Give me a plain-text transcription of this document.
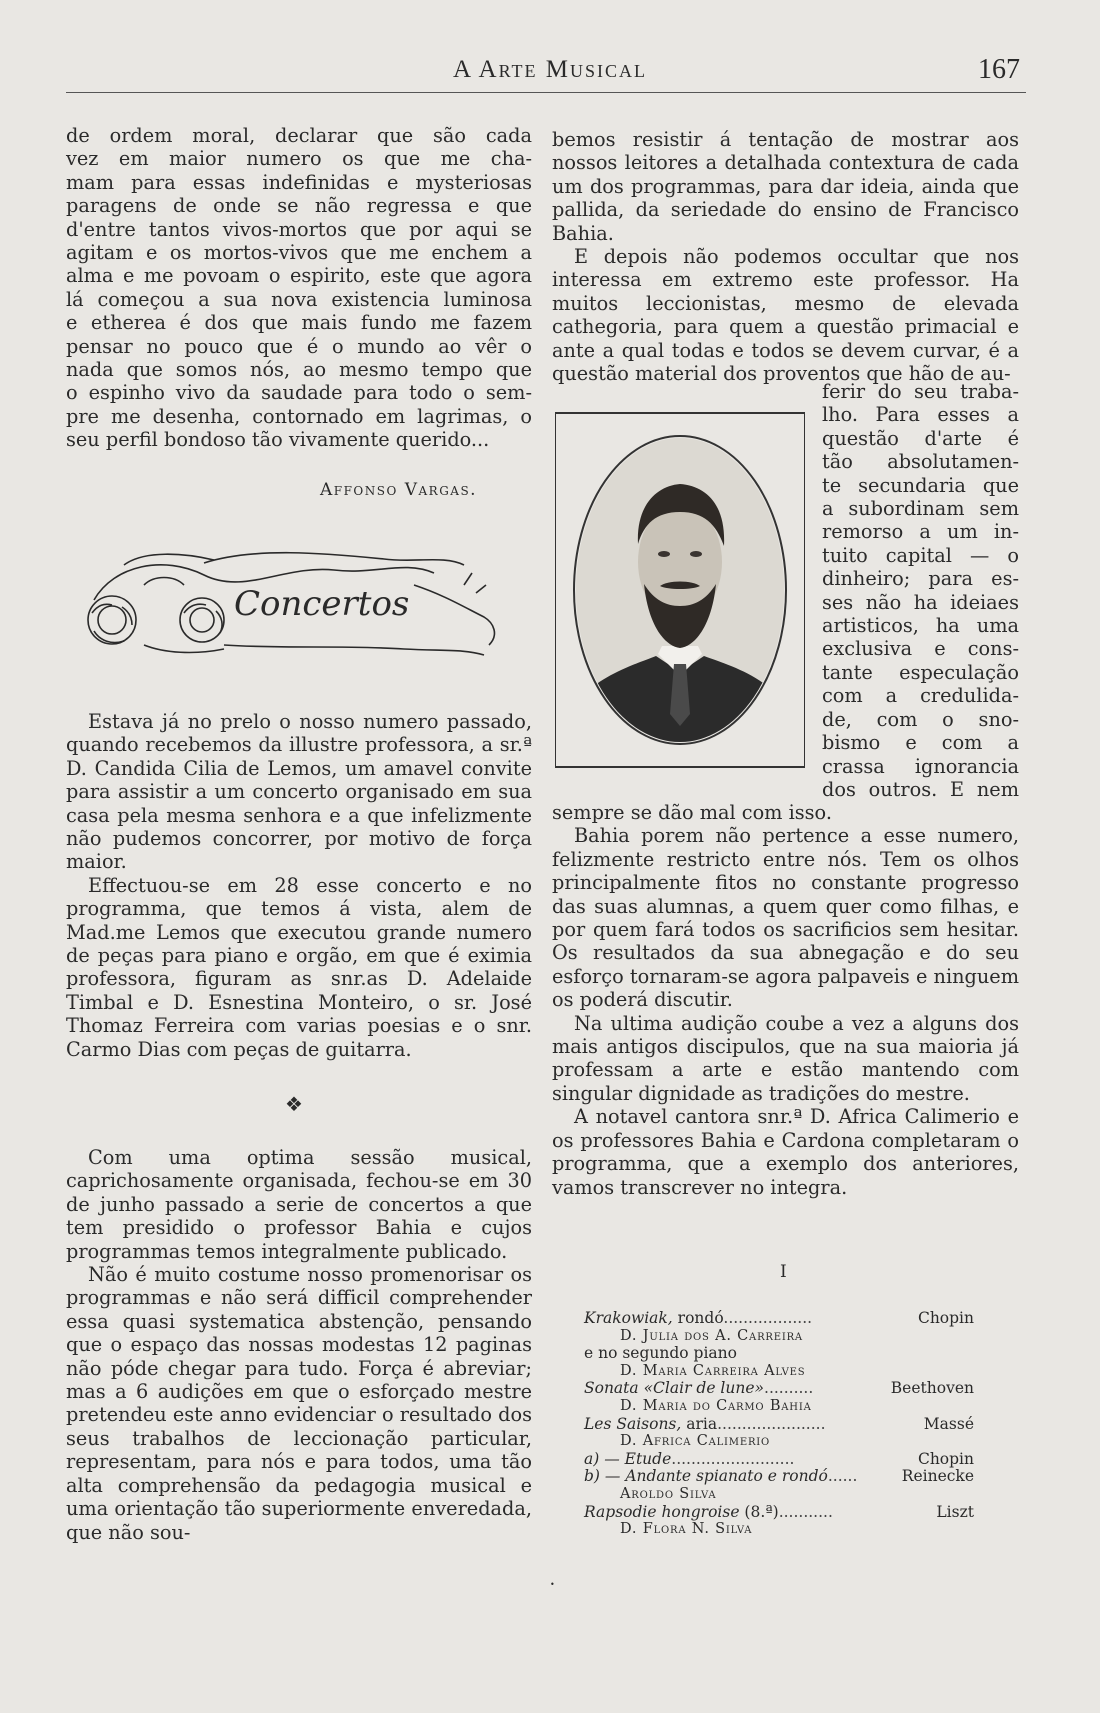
A Arte Musical	167
de ordem moral, declarar que são cada
vez em maior numero os que me cha-
mam para essas indefinidas e mysteriosas
paragens de onde se não regressa e que
d'entre tantos vivos-mortos que por aqui se
agitam e os mortos-vivos que me enchem a
alma e me povoam o espirito, este que agora
lá começou a sua nova existencia luminosa
e etherea é dos que mais fundo me fazem
pensar no pouco que é o mundo ao vêr o
nada que somos nós, ao mesmo tempo que
o espinho vivo da saudade para todo o sem-
pre me desenha, contornado em lagrimas, o
seu perfil bondoso tão vivamente querido...
Affonso Vargas.
Concertos

Estava já no prelo o nosso numero passado, quando recebemos da illustre professora, a sr.ª D. Candida Cilia de Lemos, um amavel convite para assistir a um concerto organisado em sua casa pela mesma senhora e a que infelizmente não pudemos concorrer, por motivo de força maior.

Effectuou-se em 28 esse concerto e no programma, que temos á vista, alem de Mad.me Lemos que executou grande numero de peças para piano e orgão, em que é eximia professora, figuram as snr.as D. Adelaide Timbal e D. Esnestina Monteiro, o sr. José Thomaz Ferreira com varias poesias e o snr. Carmo Dias com peças de guitarra.

❖

Com uma optima sessão musical, caprichosamente organisada, fechou-se em 30 de junho passado a serie de concertos a que tem presidido o professor Bahia e cujos programmas temos integralmente publicado.

Não é muito costume nosso promenorisar os programmas e não será difficil comprehender essa quasi systematica abstenção, pensando que o espaço das nossas modestas 12 paginas não póde chegar para tudo. Força é abreviar; mas a 6 audições em que o esforçado mestre pretendeu este anno evidenciar o resultado dos seus trabalhos de leccionação particular, representam, para nós e para todos, uma tão alta comprehensão da pedagogia musical e uma orientação tão superiormente enveredada, que não sou-

bemos resistir á tentação de mostrar aos nossos leitores a detalhada contextura de cada um dos programmas, para dar ideia, ainda que pallida, da seriedade do ensino de Francisco Bahia.

E depois não podemos occultar que nos interessa em extremo este professor. Ha muitos leccionistas, mesmo de elevada cathegoria, para quem a questão primacial e ante a qual todas e todos se devem curvar, é a questão material dos proventos que hão de au-

ferir do seu traba-
lho. Para esses a
questão d'arte é
tão absolutamen-
te secundaria que
a subordinam sem
remorso a um in-
tuito capital — o
dinheiro; para es-
ses não ha ideiaes
artisticos, ha uma
exclusiva e cons-
tante especulação
com a credulida-
de, com o sno-
bismo e com a
crassa ignorancia
dos outros. E nem

sempre se dão mal com isso.

Bahia porem não pertence a esse numero, felizmente restricto entre nós. Tem os olhos principalmente fitos no constante progresso das suas alumnas, a quem quer como filhas, e por quem fará todos os sacrificios sem hesitar. Os resultados da sua abnegação e do seu esforço tornaram-se agora palpaveis e ninguem os poderá discutir.

Na ultima audição coube a vez a alguns dos mais antigos discipulos, que na sua maioria já professam a arte e estão mantendo com singular dignidade as tradições do mestre.

A notavel cantora snr.ª D. Africa Calimerio e os professores Bahia e Cardona completaram o programma, que a exemplo dos anteriores, vamos transcrever no integra.

I
Krakowiak, rondó..................	Chopin
D. Julia dos A. Carreira
e no segundo piano
D. Maria Carreira Alves
Sonata «Clair de lune»..........	Beethoven
D. Maria do Carmo Bahia
Les Saisons, aria......................	Massé
D. Africa Calimerio
a) — Etude.........................	Chopin
b) — Andante spianato e rondó......	Reinecke
Aroldo Silva
Rapsodie hongroise (8.ª)...........	Liszt
D. Flora N. Silva
•
